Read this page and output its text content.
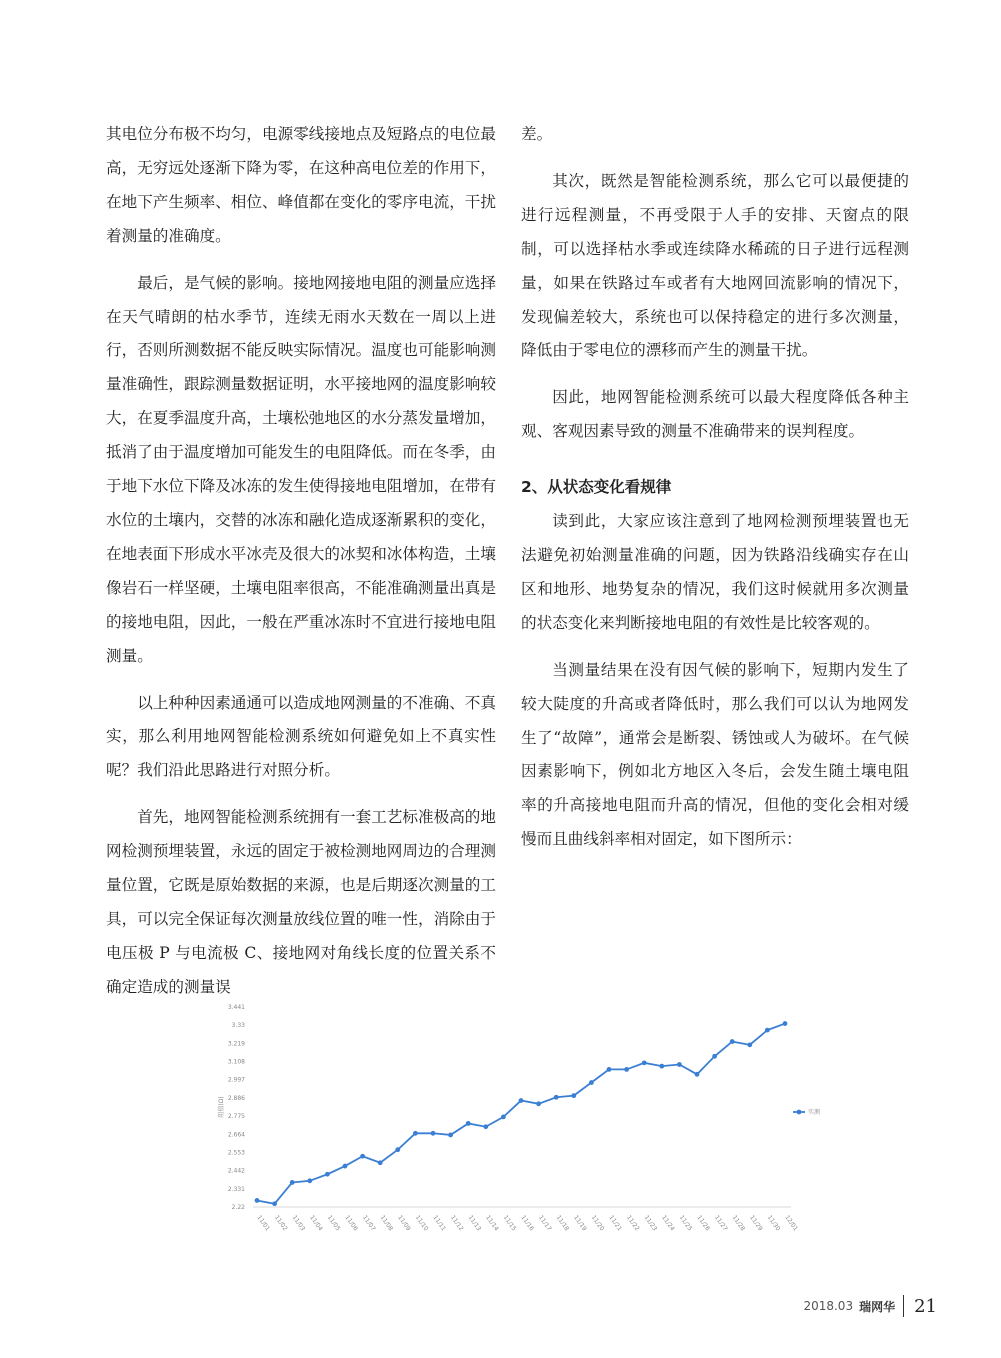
其电位分布极不均匀，电源零线接地点及短路点的电位最高，无穷远处逐渐下降为零，在这种高电位差的作用下，在地下产生频率、相位、峰值都在变化的零序电流，干扰着测量的准确度。

最后，是气候的影响。接地网接地电阻的测量应选择在天气晴朗的枯水季节，连续无雨水天数在一周以上进行，否则所测数据不能反映实际情况。温度也可能影响测量准确性，跟踪测量数据证明，水平接地网的温度影响较大，在夏季温度升高，土壤松弛地区的水分蒸发量增加，抵消了由于温度增加可能发生的电阻降低。而在冬季，由于地下水位下降及冰冻的发生使得接地电阻增加，在带有水位的土壤内，交替的冰冻和融化造成逐渐累积的变化，在地表面下形成水平冰壳及很大的冰契和冰体构造，土壤像岩石一样坚硬，土壤电阻率很高，不能准确测量出真是的接地电阻，因此，一般在严重冰冻时不宜进行接地电阻测量。

以上种种因素通通可以造成地网测量的不准确、不真实，那么利用地网智能检测系统如何避免如上不真实性呢？我们沿此思路进行对照分析。

首先，地网智能检测系统拥有一套工艺标准极高的地网检测预埋装置，永远的固定于被检测地网周边的合理测量位置，它既是原始数据的来源，也是后期逐次测量的工具，可以完全保证每次测量放线位置的唯一性，消除由于电压极 P 与电流极 C、接地网对角线长度的位置关系不确定造成的测量误

差。

其次，既然是智能检测系统，那么它可以最便捷的进行远程测量，不再受限于人手的安排、天窗点的限制，可以选择枯水季或连续降水稀疏的日子进行远程测量，如果在铁路过车或者有大地网回流影响的情况下，发现偏差较大，系统也可以保持稳定的进行多次测量，降低由于零电位的漂移而产生的测量干扰。

因此，地网智能检测系统可以最大程度降低各种主观、客观因素导致的测量不准确带来的误判程度。

2、从状态变化看规律

读到此，大家应该注意到了地网检测预埋装置也无法避免初始测量准确的问题，因为铁路沿线确实存在山区和地形、地势复杂的情况，我们这时候就用多次测量的状态变化来判断接地电阻的有效性是比较客观的。

当测量结果在没有因气候的影响下，短期内发生了较大陡度的升高或者降低时，那么我们可以认为地网发生了“故障”，通常会是断裂、锈蚀或人为破坏。在气候因素影响下，例如北方地区入冬后，会发生随土壤电阻率的升高接地电阻而升高的情况，但他的变化会相对缓慢而且曲线斜率相对固定，如下图所示：

3.441
3.33
3.219
3.108
2.997
2.886
2.775
2.664
2.553
2.442
2.331
2.22
阻值(Ω)
11/01 11/02 11/03 11/04 11/05 11/06 11/07 11/08 11/09 11/10 11/11 11/12 11/13 11/14 11/15 11/16 11/17 11/18 11/19 11/20 11/21 11/22 11/23 11/24 11/25 11/26 11/27 11/28 11/29 11/30 12/01
实测
2018.03 瑞网华 21
